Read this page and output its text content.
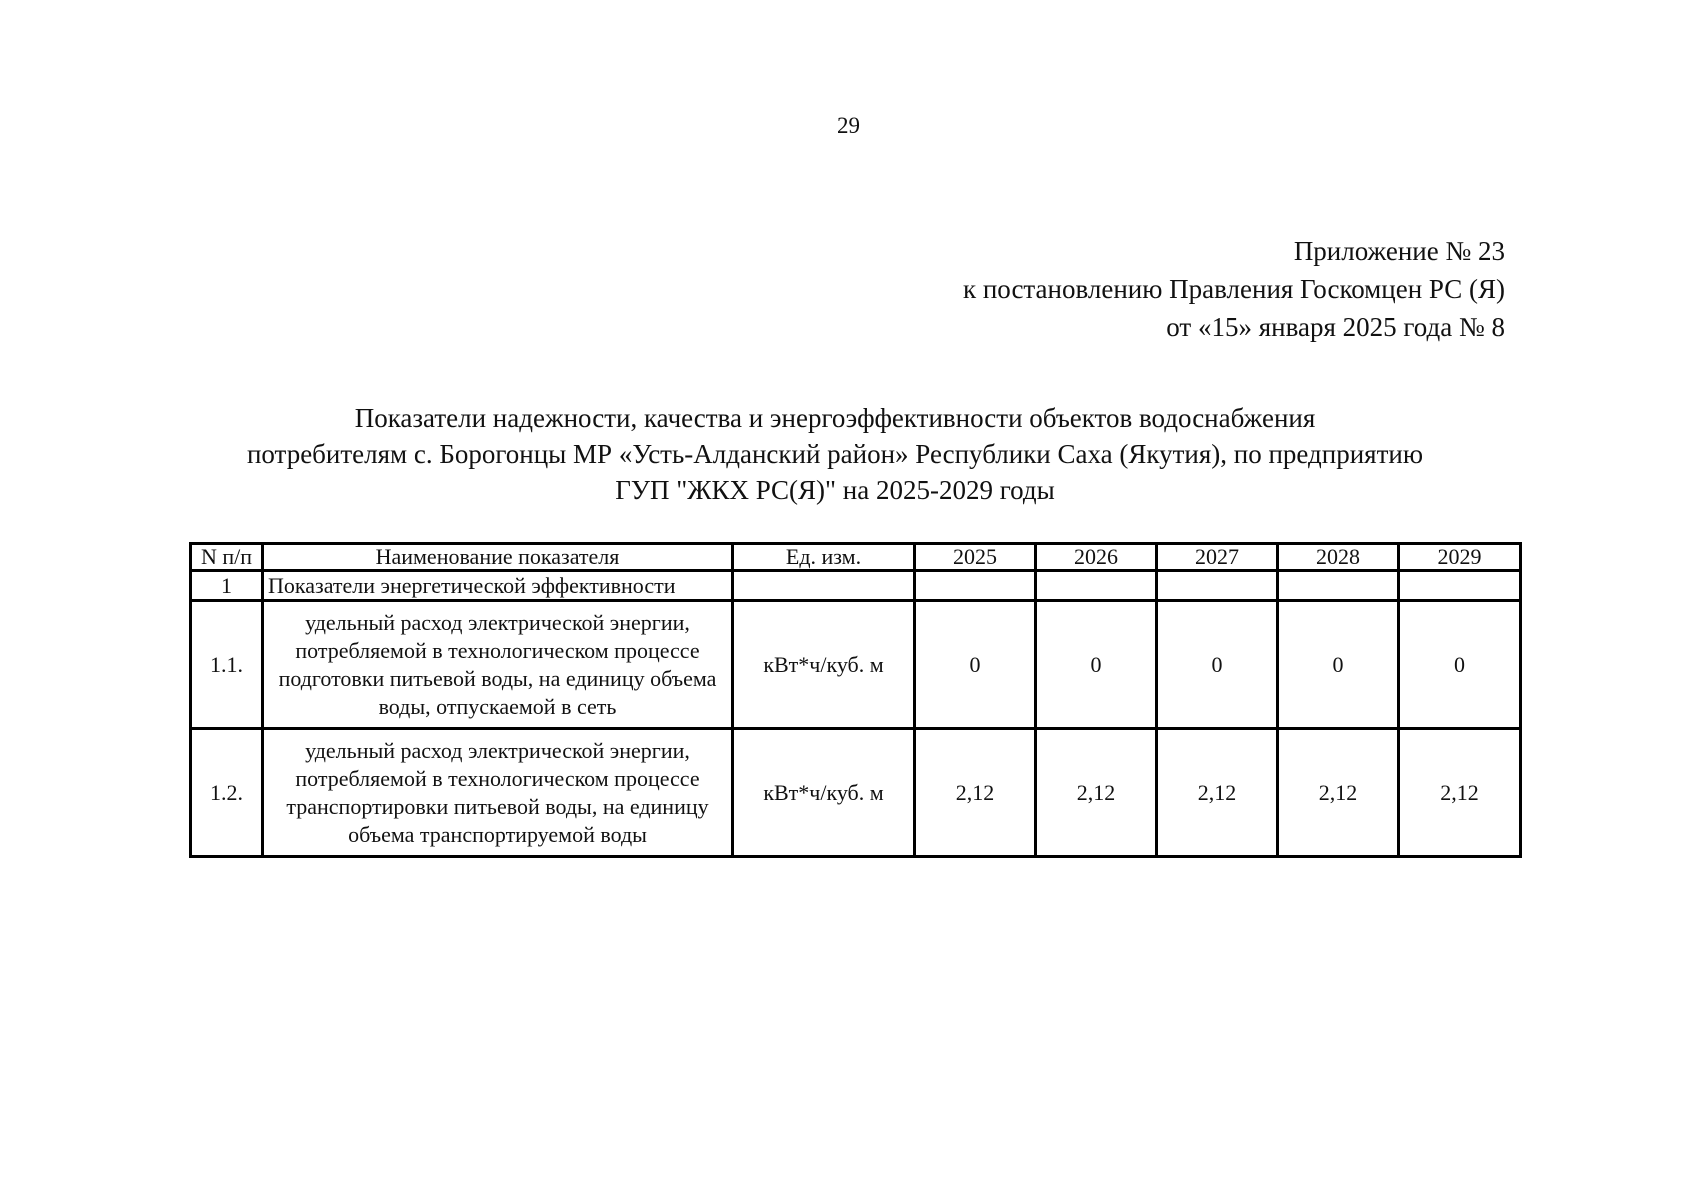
29
Приложение № 23
к постановлению Правления Госкомцен РС (Я)
от «15» января 2025 года № 8
Показатели надежности, качества и энергоэффективности объектов водоснабжения
потребителям с. Борогонцы МР «Усть-Алданский район» Республики Саха (Якутия), по предприятию
ГУП "ЖКХ РС(Я)" на 2025-2029 годы
N п/п	Наименование показателя	Ед. изм.	2025	2026	2027	2028	2029
1	Показатели энергетической эффективности						
1.1.	удельный расход электрической энергии, потребляемой в технологическом процессе подготовки питьевой воды, на единицу объема воды, отпускаемой в сеть	кВт*ч/куб. м	0	0	0	0	0
1.2.	удельный расход электрической энергии, потребляемой в технологическом процессе транспортировки питьевой воды, на единицу объема транспортируемой воды	кВт*ч/куб. м	2,12	2,12	2,12	2,12	2,12
